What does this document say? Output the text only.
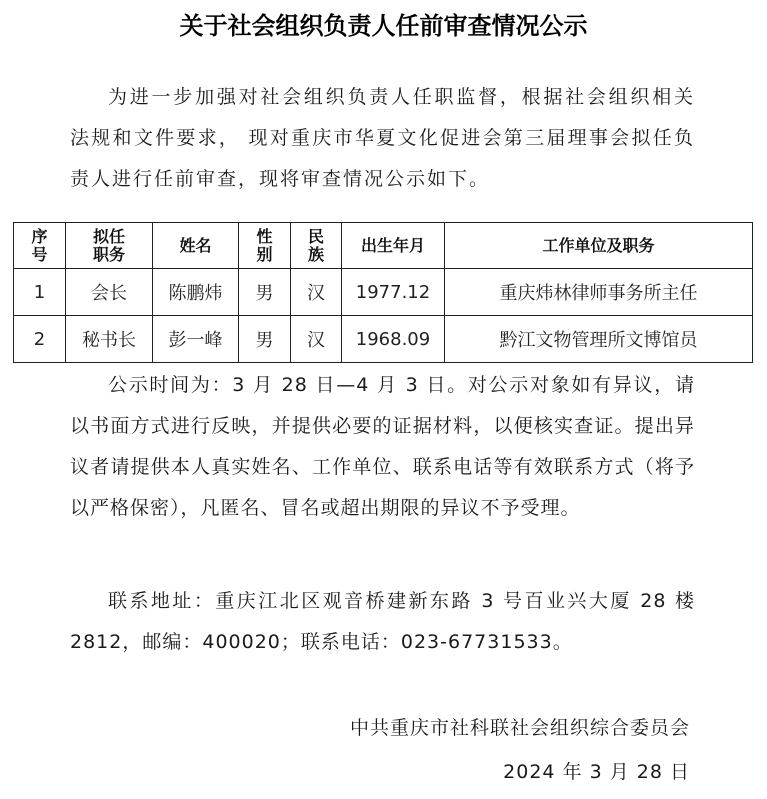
关于社会组织负责人任前审查情况公示

为进一步加强对社会组织负责人任职监督，根据社会组织相关法规和文件要求， 现对重庆市华夏文化促进会第三届理事会拟任负责人进行任前审查，现将审查情况公示如下。

序号	拟任职务	姓名	性别	民族	出生年月	工作单位及职务
1	会长	陈鹏炜	男	汉	1977.12	重庆炜林律师事务所主任
2	秘书长	彭一峰	男	汉	1968.09	黔江文物管理所文博馆员

公示时间为：3 月 28 日—4 月 3 日。对公示对象如有异议，请以书面方式进行反映，并提供必要的证据材料，以便核实查证。提出异议者请提供本人真实姓名、工作单位、联系电话等有效联系方式（将予以严格保密），凡匿名、冒名或超出期限的异议不予受理。

联系地址：重庆江北区观音桥建新东路 3 号百业兴大厦 28 楼 2812，邮编：400020；联系电话：023-67731533。

中共重庆市社科联社会组织综合委员会

2024 年 3 月 28 日
